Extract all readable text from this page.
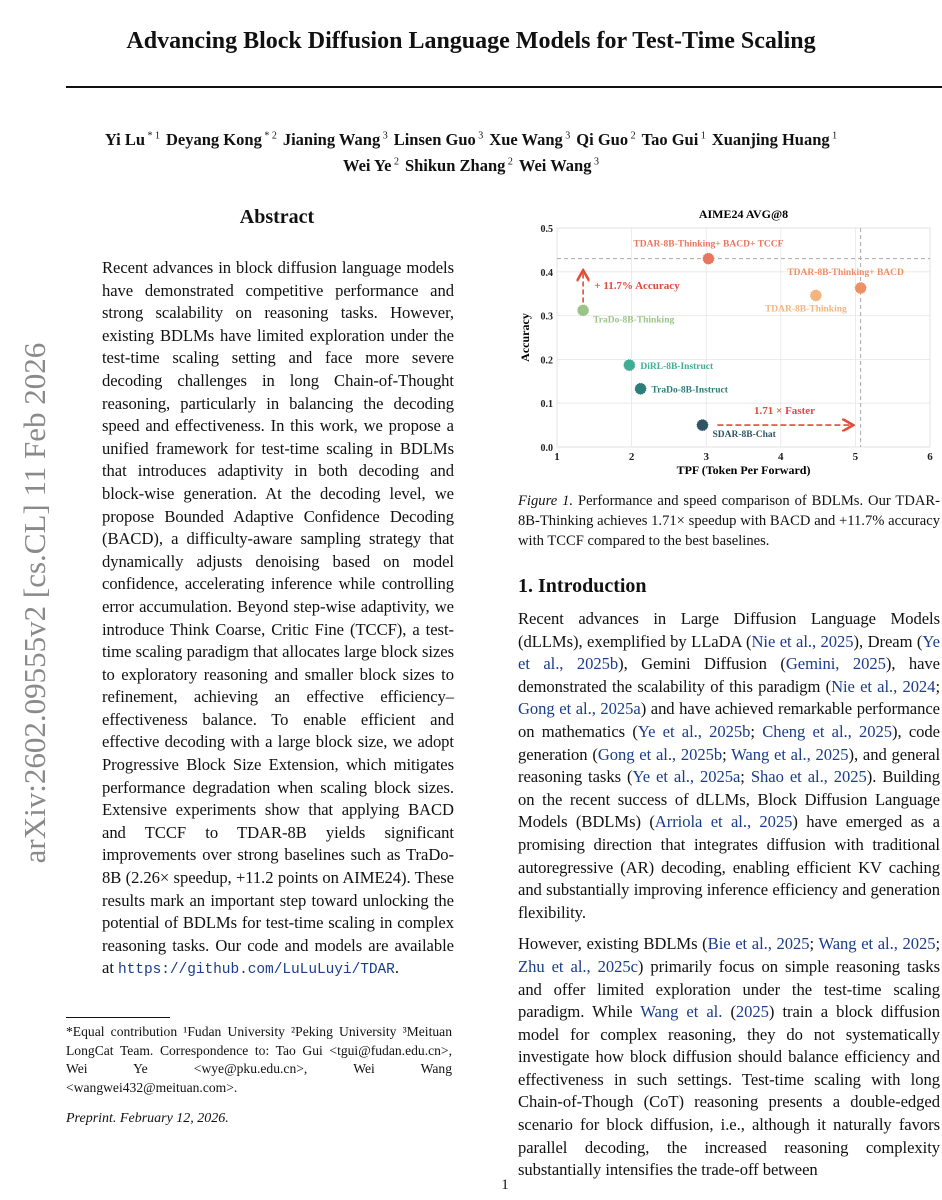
Advancing Block Diffusion Language Models for Test-Time Scaling
Yi Lu $^{* 1}$ Deyang Kong $^{* 2}$ Jianing Wang $^3$ Linsen Guo $^3$ Xue Wang $^3$ Qi Guo $^2$ Tao Gui $^1$ Xuanjing Huang $^1$
Wei Ye $^2$ Shikun Zhang $^2$ Wei Wang $^3$
arXiv:2602.09555v2 [cs.CL] 11 Feb 2026
Abstract
Recent advances in block diffusion language models have demonstrated competitive performance and strong scalability on reasoning tasks. However, existing BDLMs have limited exploration under the test-time scaling setting and face more severe decoding challenges in long Chain-of-Thought reasoning, particularly in balancing the decoding speed and effectiveness. In this work, we propose a unified framework for test-time scaling in BDLMs that introduces adaptivity in both decoding and block-wise generation. At the decoding level, we propose Bounded Adaptive Confidence Decoding (BACD), a difficulty-aware sampling strategy that dynamically adjusts denoising based on model confidence, accelerating inference while controlling error accumulation. Beyond step-wise adaptivity, we introduce Think Coarse, Critic Fine (TCCF), a test-time scaling paradigm that allocates large block sizes to exploratory reasoning and smaller block sizes to refinement, achieving an effective efficiency–effectiveness balance. To enable efficient and effective decoding with a large block size, we adopt Progressive Block Size Extension, which mitigates performance degradation when scaling block sizes. Extensive experiments show that applying BACD and TCCF to TDAR-8B yields significant improvements over strong baselines such as TraDo-8B (2.26× speedup, +11.2 points on AIME24). These results mark an important step toward unlocking the potential of BDLMs for test-time scaling in complex reasoning tasks. Our code and models are available at https://github.com/LuLuLuyi/TDAR.
*Equal contribution ¹Fudan University ²Peking University ³Meituan LongCat Team. Correspondence to: Tao Gui <tgui@fudan.edu.cn>, Wei Ye <wye@pku.edu.cn>, Wei Wang <wangwei432@meituan.com>.
Preprint. February 12, 2026.
0.0
0.1
0.2
0.3
0.4
0.5
1	2	3	4	5	6
AIME24 AVG@8
TPF (Token Per Forward)
Accuracy	TraDo-8B-Thinking
DiRL-8B-Instruct
TraDo-8B-Instruct
SDAR-8B-Chat
TDAR-8B-Thinking+ BACD+ TCCF
TDAR-8B-Thinking
TDAR-8B-Thinking+ BACD
+ 11.7% Accuracy
1.71 × Faster
Figure 1. Performance and speed comparison of BDLMs. Our TDAR-8B-Thinking achieves 1.71× speedup with BACD and +11.7% accuracy with TCCF compared to the best baselines.
1. Introduction
Recent advances in Large Diffusion Language Models (dLLMs), exemplified by LLaDA (Nie et al., 2025), Dream (Ye et al., 2025b), Gemini Diffusion (Gemini, 2025), have demonstrated the scalability of this paradigm (Nie et al., 2024; Gong et al., 2025a) and have achieved remarkable performance on mathematics (Ye et al., 2025b; Cheng et al., 2025), code generation (Gong et al., 2025b; Wang et al., 2025), and general reasoning tasks (Ye et al., 2025a; Shao et al., 2025). Building on the recent success of dLLMs, Block Diffusion Language Models (BDLMs) (Arriola et al., 2025) have emerged as a promising direction that integrates diffusion with traditional autoregressive (AR) decoding, enabling efficient KV caching and substantially improving inference efficiency and generation flexibility.
However, existing BDLMs (Bie et al., 2025; Wang et al., 2025; Zhu et al., 2025c) primarily focus on simple reasoning tasks and offer limited exploration under the test-time scaling paradigm. While Wang et al. (2025) train a block diffusion model for complex reasoning, they do not systematically investigate how block diffusion should balance efficiency and effectiveness in such settings. Test-time scaling with long Chain-of-Though (CoT) reasoning presents a double-edged scenario for block diffusion, i.e., although it naturally favors parallel decoding, the increased reasoning complexity substantially intensifies the trade-off between
1
